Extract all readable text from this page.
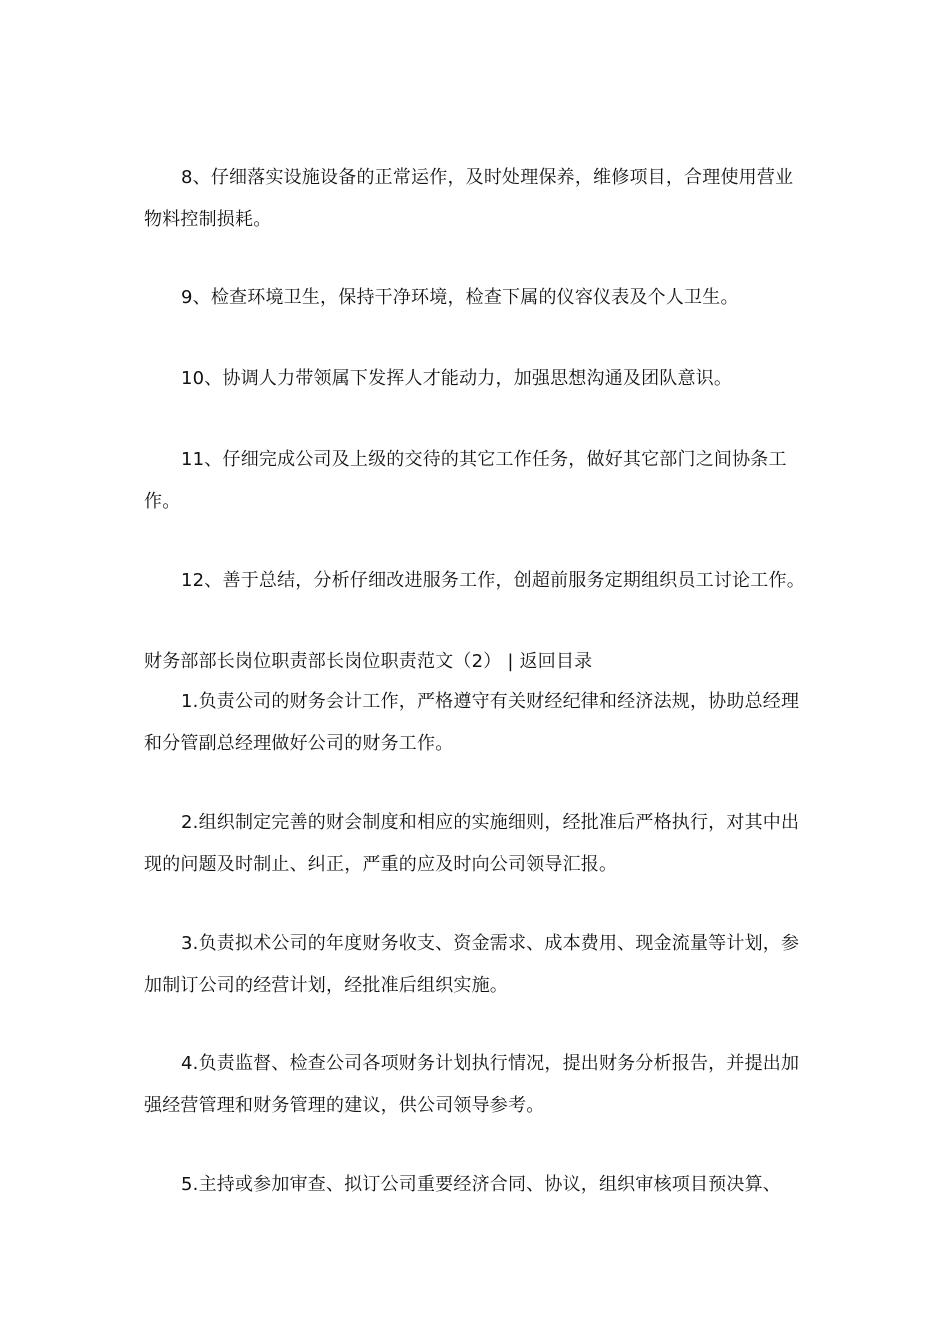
8、仔细落实设施设备的正常运作，及时处理保养，维修项目，合理使用营业物料控制损耗。

9、检查环境卫生，保持干净环境，检查下属的仪容仪表及个人卫生。

10、协调人力带领属下发挥人才能动力，加强思想沟通及团队意识。

11、仔细完成公司及上级的交待的其它工作任务，做好其它部门之间协条工作。

12、善于总结，分析仔细改进服务工作，创超前服务定期组织员工讨论工作。

财务部部长岗位职责部长岗位职责范文（2） | 返回目录

1.负责公司的财务会计工作，严格遵守有关财经纪律和经济法规，协助总经理和分管副总经理做好公司的财务工作。

2.组织制定完善的财会制度和相应的实施细则，经批准后严格执行，对其中出现的问题及时制止、纠正，严重的应及时向公司领导汇报。

3.负责拟术公司的年度财务收支、资金需求、成本费用、现金流量等计划，参加制订公司的经营计划，经批准后组织实施。

4.负责监督、检查公司各项财务计划执行情况，提出财务分析报告，并提出加强经营管理和财务管理的建议，供公司领导参考。

5.主持或参加审查、拟订公司重要经济合同、协议，组织审核项目预决算、
